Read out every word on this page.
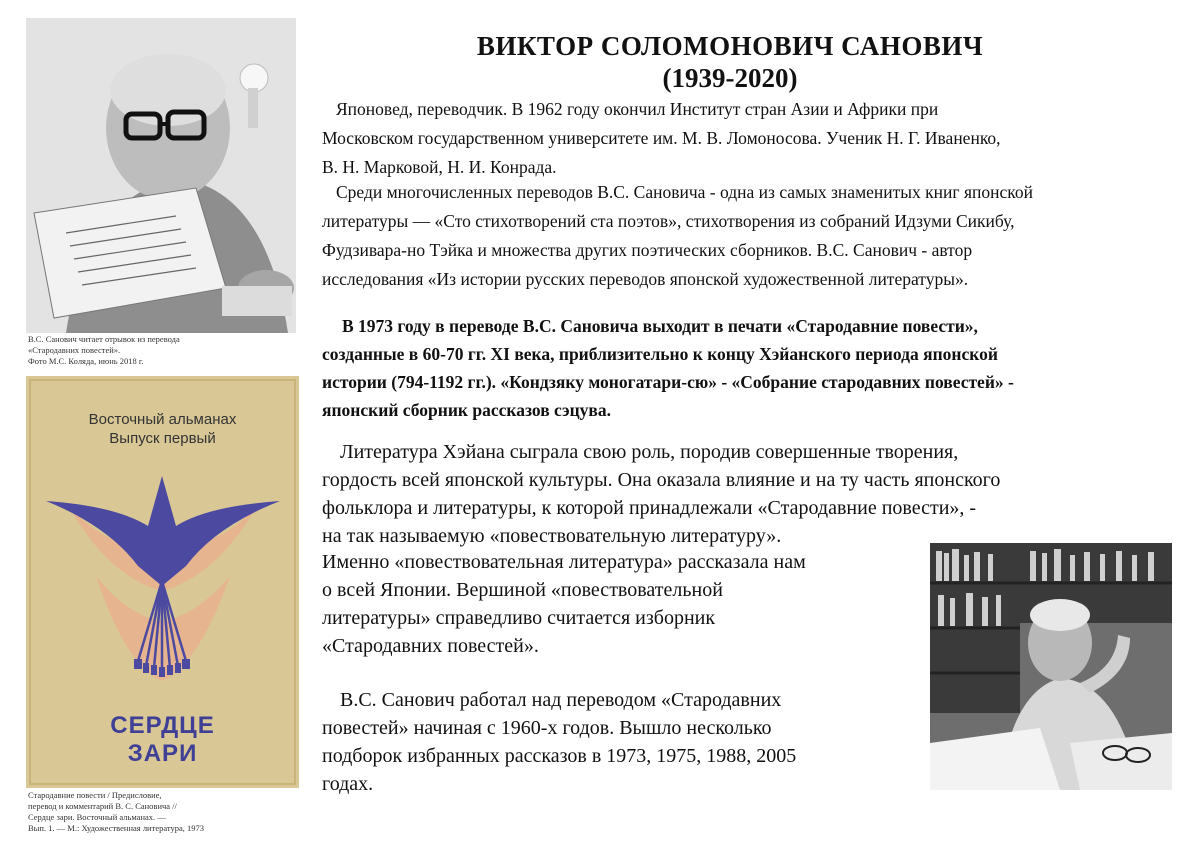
В.С. Санович читает отрывок из перевода
«Стародавних повестей».
Фото М.С. Коляда, июнь 2018 г.
Восточный альманах
Выпуск первый
СЕРДЦЕ
ЗАРИ
Стародавние повести / Предисловие,
перевод и комментарий В. С. Сановича //
Сердце зари. Восточный альманах. —
Вып. 1. — М.: Художественная литература, 1973
ВИКТОР СОЛОМОНОВИЧ САНОВИЧ
(1939-2020)
Японовед, переводчик. В 1962 году окончил Институт стран Азии и Африки при
Московском государственном университете им. М. В. Ломоносова. Ученик Н. Г. Иваненко,
В. Н. Марковой, Н. И. Конрада.
Среди многочисленных переводов В.С. Сановича - одна из самых знаменитых книг японской
литературы — «Сто стихотворений ста поэтов», стихотворения из собраний Идзуми Сикибу,
Фудзивара-но Тэйка и множества других поэтических сборников. В.С. Санович - автор
исследования «Из истории русских переводов японской художественной литературы».
В 1973 году в переводе В.С. Сановича выходит в печати «Стародавние повести»,
созданные в 60-70 гг. XI века, приблизительно к концу Хэйанского периода японской
истории (794-1192 гг.). «Кондзяку моногатари-сю» - «Собрание стародавних повестей» -
японский сборник рассказов сэцува.
Литература Хэйана сыграла свою роль, породив совершенные творения,
гордость всей японской культуры. Она оказала влияние и на ту часть японского
фольклора и литературы, к которой принадлежали «Стародавние повести», -
на так называемую «повествовательную литературу».
Именно «повествовательная литература» рассказала нам
о всей Японии. Вершиной «повествовательной
литературы» справедливо считается изборник
«Стародавних повестей».
В.С. Санович работал над переводом «Стародавних
повестей» начиная с 1960-х годов. Вышло несколько
подборок избранных рассказов в 1973, 1975, 1988, 2005
годах.
